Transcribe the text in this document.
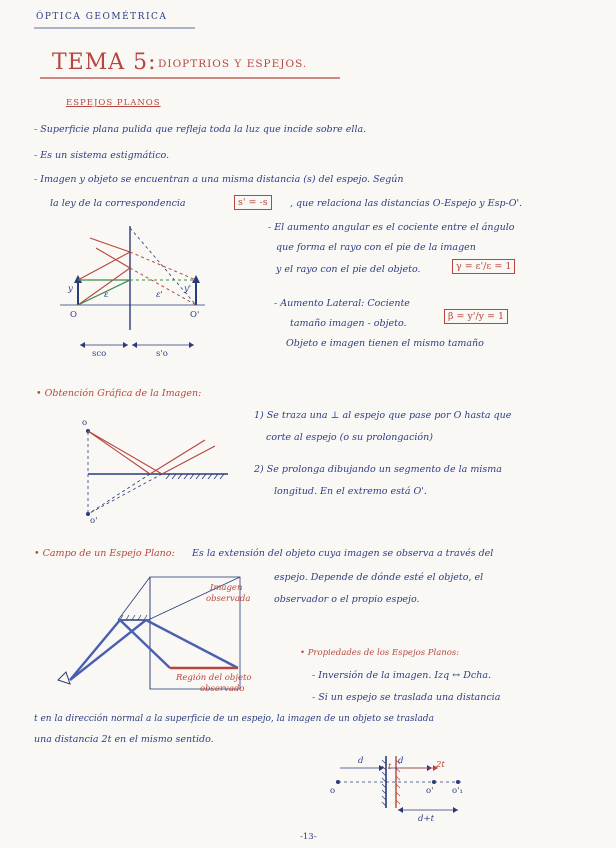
ÓPTICA GEOMÉTRICA
TEMA 5: DIOPTRIOS Y ESPEJOS.
ESPEJOS PLANOS
- Superficie plana pulida que refleja toda la luz que incide sobre ella.
- Es un sistema estigmático.
- Imagen y objeto se encuentran a una misma distancia (s) del espejo. Según
la ley de la correspondencia	s' = -s	, que relaciona las distancias O-Espejo y Esp-O'.
- El aumento angular es el cociente entre el ángulo
que forma el rayo con el pie de la imagen
y el rayo con el pie del objeto.	γ = ε'/ε = 1
- Aumento Lateral: Cociente
tamaño imagen - objeto.
β = y'/y = 1
Objeto e imagen tienen el mismo tamaño
O	O'
ε	ε'
y	y'
sco	s'o
• Obtención Gráfica de la Imagen:
1) Se traza una ⊥ al espejo que pase por O hasta que
corte al espejo (o su prolongación)
2) Se prolonga dibujando un segmento de la misma
longitud. En el extremo está O'.
o
o'
• Campo de un Espejo Plano: Es la extensión del objeto cuya imagen se observa a través del
espejo. Depende de dónde esté el objeto, el
observador o el propio espejo.
Imagen
observada
Región del objeto
observado
• Propiedades de los Espejos Planos:
- Inversión de la imagen. Izq ↔ Dcha.
- Si un espejo se traslada una distancia
t en la dirección normal a la superficie de un espejo, la imagen de un objeto se traslada
una distancia 2t en el mismo sentido.
d	d
t	2t
o	o' o'₁
d+t
-13-
